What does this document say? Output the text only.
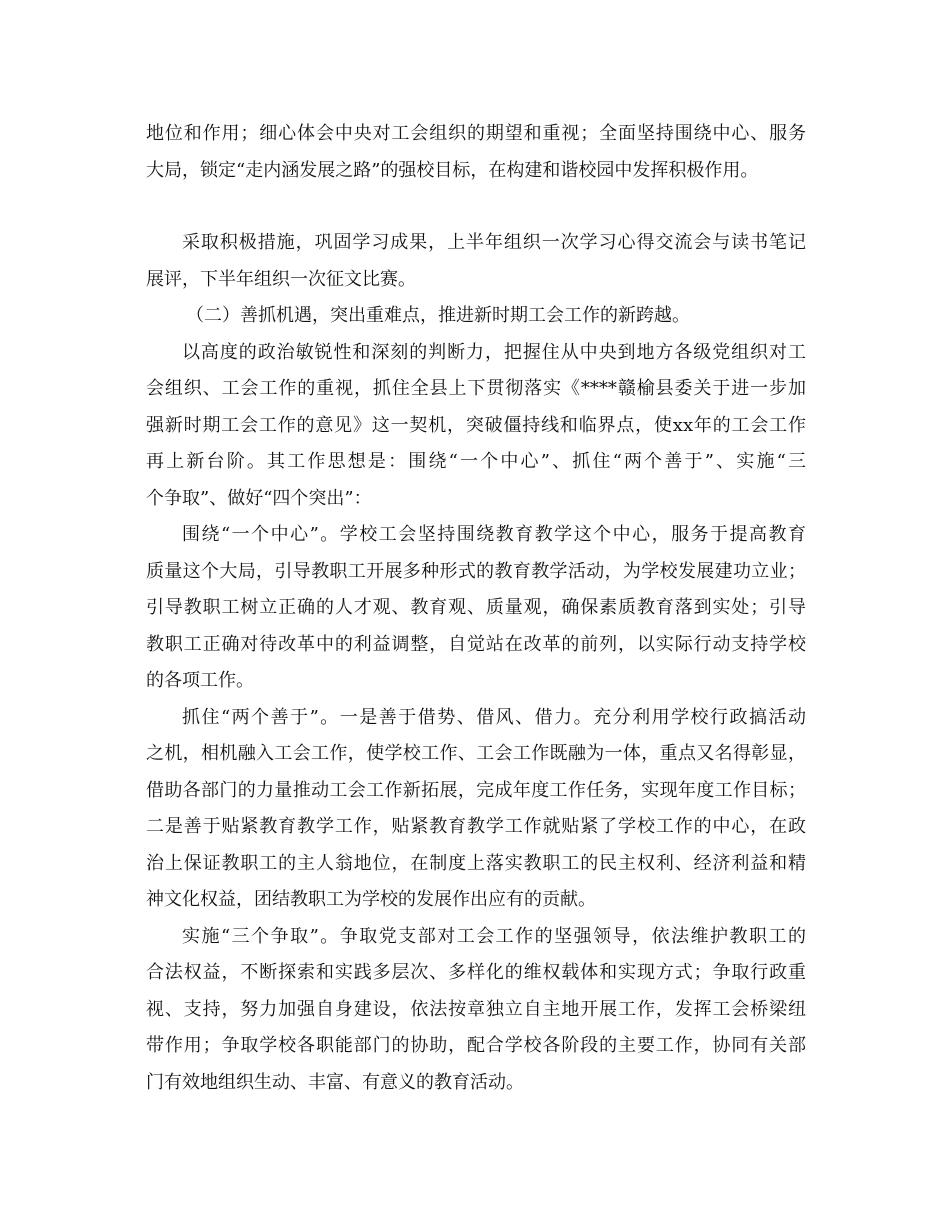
地位和作用；细心体会中央对工会组织的期望和重视；全面坚持围绕中心、服务
大局，锁定“走内涵发展之路”的强校目标，在构建和谐校园中发挥积极作用。
采取积极措施，巩固学习成果，上半年组织一次学习心得交流会与读书笔记
展评，下半年组织一次征文比赛。
（二）善抓机遇，突出重难点，推进新时期工会工作的新跨越。
以高度的政治敏锐性和深刻的判断力，把握住从中央到地方各级党组织对工
会组织、工会工作的重视，抓住全县上下贯彻落实《****赣榆县委关于进一步加
强新时期工会工作的意见》这一契机，突破僵持线和临界点，使xx年的工会工作
再上新台阶。其工作思想是：围绕“一个中心”、抓住“两个善于”、实施“三
个争取”、做好“四个突出”：
围绕“一个中心”。学校工会坚持围绕教育教学这个中心，服务于提高教育
质量这个大局，引导教职工开展多种形式的教育教学活动，为学校发展建功立业；
引导教职工树立正确的人才观、教育观、质量观，确保素质教育落到实处；引导
教职工正确对待改革中的利益调整，自觉站在改革的前列，以实际行动支持学校
的各项工作。
抓住“两个善于”。一是善于借势、借风、借力。充分利用学校行政搞活动
之机，相机融入工会工作，使学校工作、工会工作既融为一体，重点又名得彰显，
借助各部门的力量推动工会工作新拓展，完成年度工作任务，实现年度工作目标；
二是善于贴紧教育教学工作，贴紧教育教学工作就贴紧了学校工作的中心，在政
治上保证教职工的主人翁地位，在制度上落实教职工的民主权利、经济利益和精
神文化权益，团结教职工为学校的发展作出应有的贡献。
实施“三个争取”。争取党支部对工会工作的坚强领导，依法维护教职工的
合法权益，不断探索和实践多层次、多样化的维权载体和实现方式；争取行政重
视、支持，努力加强自身建设，依法按章独立自主地开展工作，发挥工会桥梁纽
带作用；争取学校各职能部门的协助，配合学校各阶段的主要工作，协同有关部
门有效地组织生动、丰富、有意义的教育活动。
